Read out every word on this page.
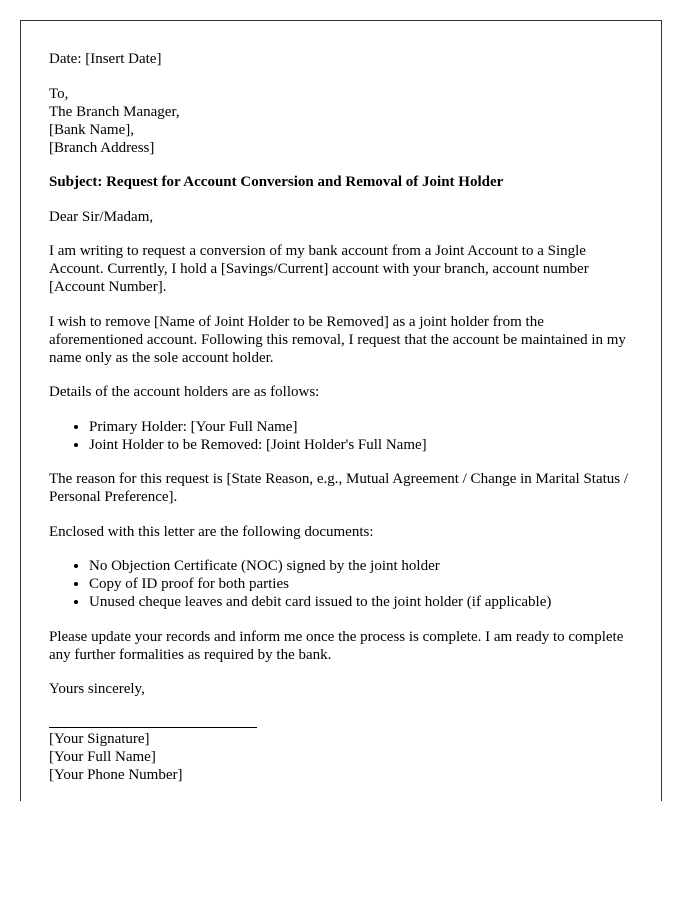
Date: [Insert Date]

To,
The Branch Manager,
[Bank Name],
[Branch Address]

Subject: Request for Account Conversion and Removal of Joint Holder

Dear Sir/Madam,

I am writing to request a conversion of my bank account from a Joint Account to a Single Account. Currently, I hold a [Savings/Current] account with your branch, account number [Account Number].

I wish to remove [Name of Joint Holder to be Removed] as a joint holder from the aforementioned account. Following this removal, I request that the account be maintained in my name only as the sole account holder.

Details of the account holders are as follows:

• Primary Holder: [Your Full Name]
• Joint Holder to be Removed: [Joint Holder's Full Name]

The reason for this request is [State Reason, e.g., Mutual Agreement / Change in Marital Status / Personal Preference].

Enclosed with this letter are the following documents:

• No Objection Certificate (NOC) signed by the joint holder
• Copy of ID proof for both parties
• Unused cheque leaves and debit card issued to the joint holder (if applicable)

Please update your records and inform me once the process is complete. I am ready to complete any further formalities as required by the bank.

Yours sincerely,

[Your Signature]
[Your Full Name]
[Your Phone Number]
